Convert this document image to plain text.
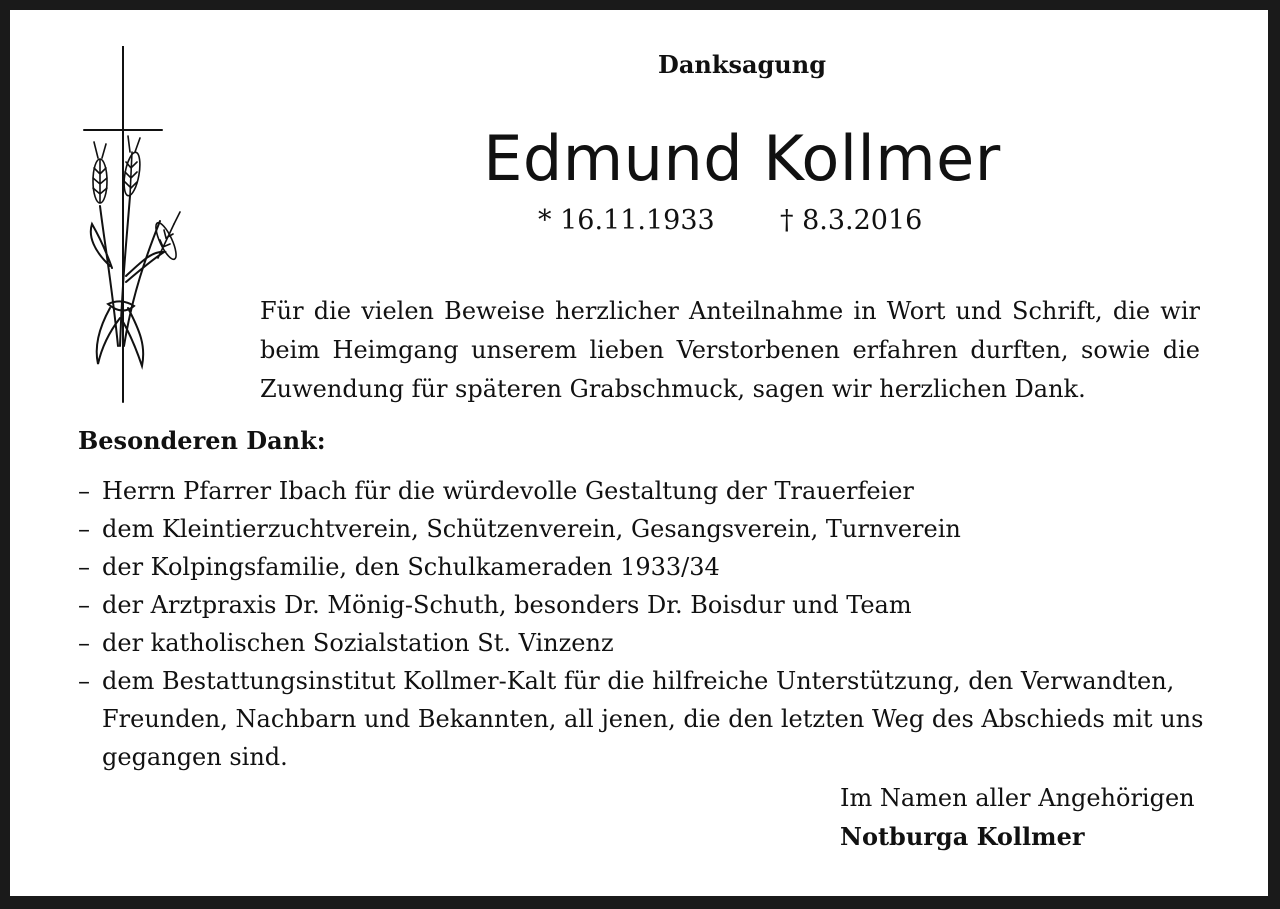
Danksagung
Edmund Kollmer
* 16.11.1933 † 8.3.2016
Für die vielen Beweise herzlicher Anteilnahme in Wort und Schrift, die wir beim Heimgang unserem lieben Verstorbenen erfahren durften, sowie die Zuwendung für späteren Grabschmuck, sagen wir herzlichen Dank.
Besonderen Dank:
– Herrn Pfarrer Ibach für die würdevolle Gestaltung der Trauerfeier
– dem Kleintierzuchtverein, Schützenverein, Gesangsverein, Turnverein
– der Kolpingsfamilie, den Schulkameraden 1933/34
– der Arztpraxis Dr. Mönig-Schuth, besonders Dr. Boisdur und Team
– der katholischen Sozialstation St. Vinzenz
– dem Bestattungsinstitut Kollmer-Kalt für die hilfreiche Unterstützung, den Verwandten, Freunden, Nachbarn und Bekannten, all jenen, die den letzten Weg des Abschieds mit uns gegangen sind.
Im Namen aller Angehörigen
Notburga Kollmer
